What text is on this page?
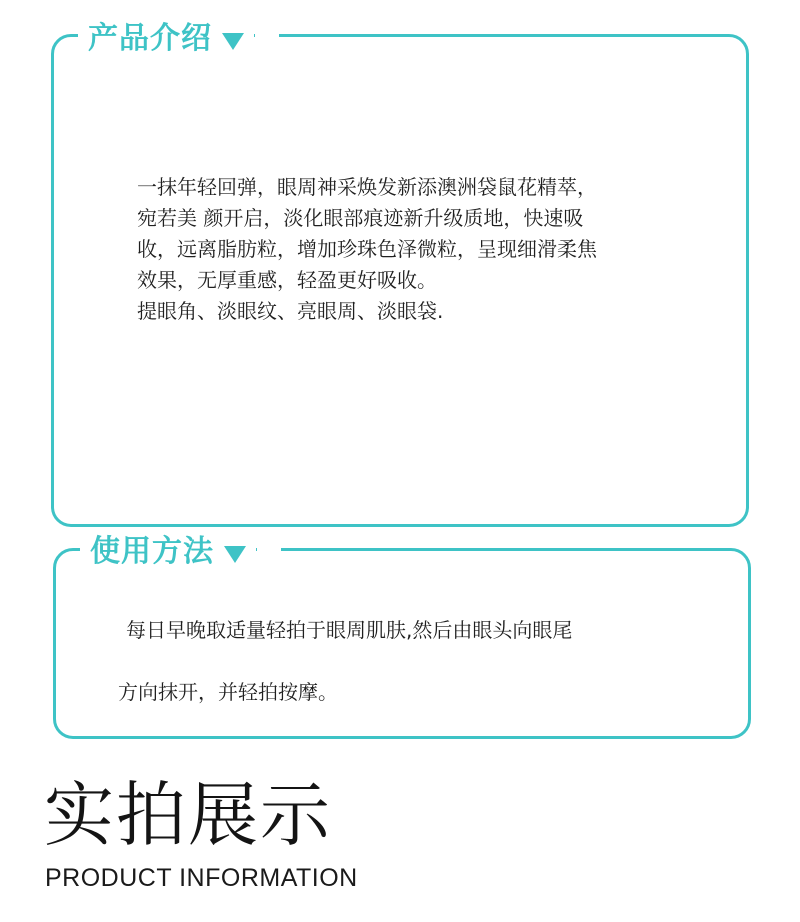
产品介绍
一抹年轻回弹，眼周神采焕发新添澳洲袋鼠花精萃，
宛若美 颜开启，淡化眼部痕迹新升级质地，快速吸
收，远离脂肪粒，增加珍珠色泽微粒，呈现细滑柔焦
效果，无厚重感，轻盈更好吸收。
提眼角、淡眼纹、亮眼周、淡眼袋.
使用方法
每日早晚取适量轻拍于眼周肌肤,然后由眼头向眼尾
方向抹开，并轻拍按摩。
实拍展示
PRODUCT INFORMATION
